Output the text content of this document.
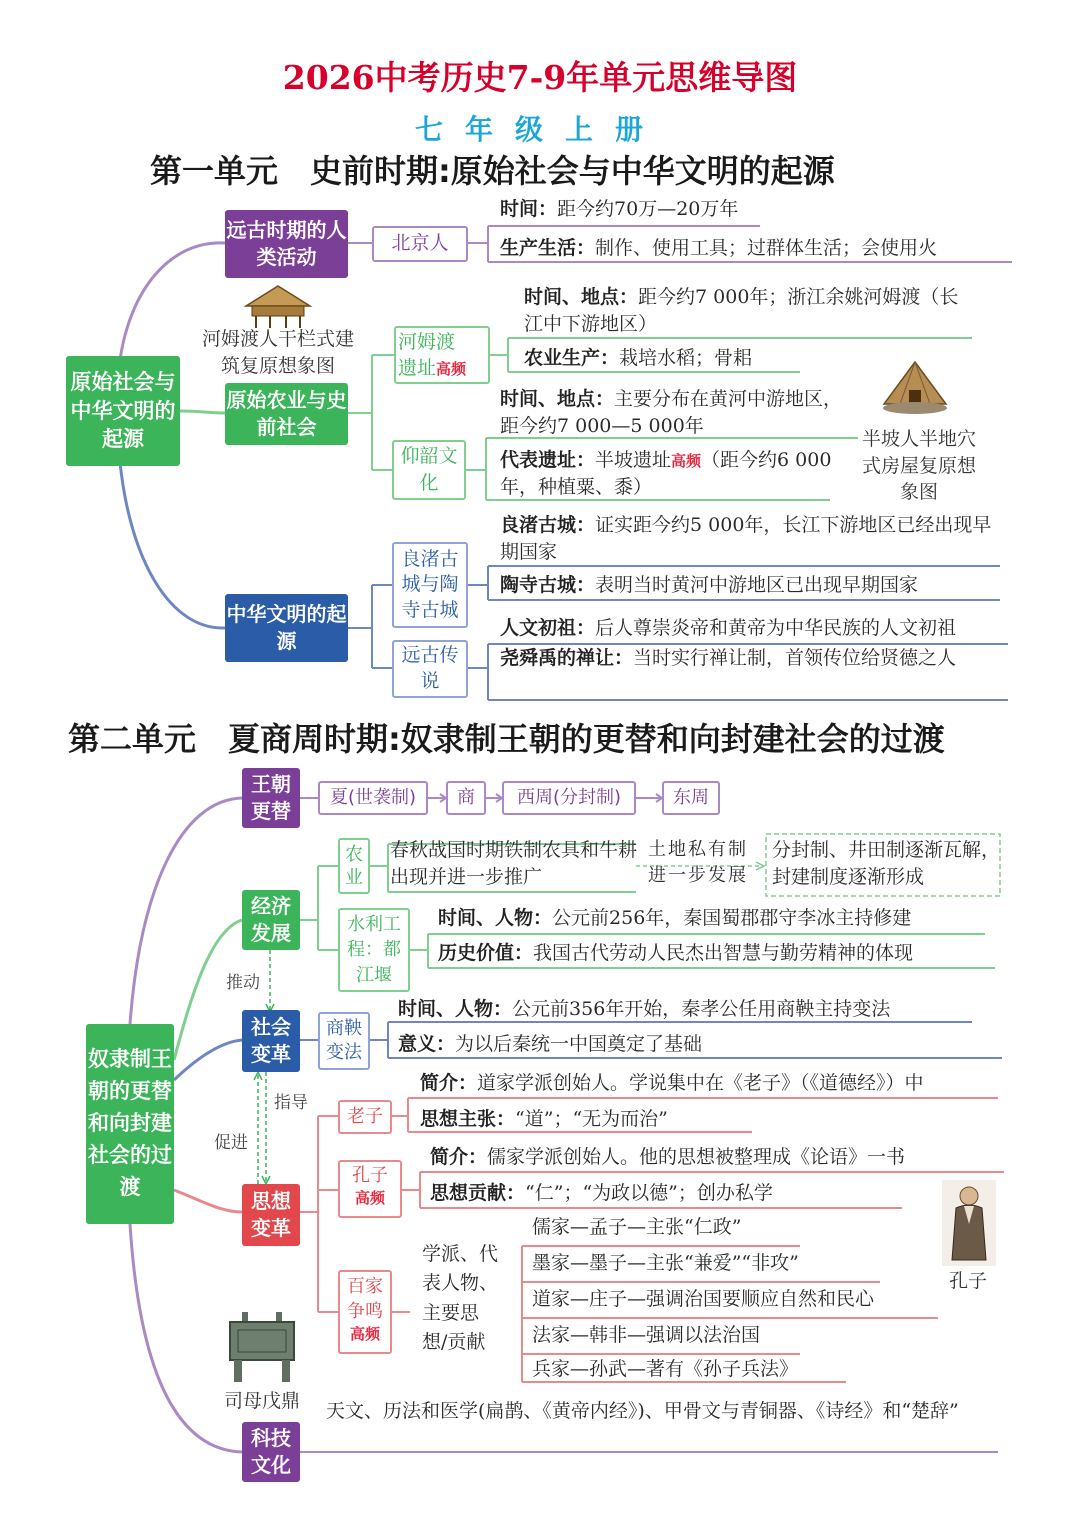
2026中考历史7-9年单元思维导图
七年级上册
第一单元　史前时期:原始社会与中华文明的起源
原始社会与中华文明的起源
远古时期的人类活动
北京人
时间：距今约70万—20万年
生产生活：制作、使用工具；过群体生活；会使用火
河姆渡人干栏式建筑复原想象图
原始农业与史前社会
河姆渡
遗址高频
时间、地点：距今约7 000年；浙江余姚河姆渡（长江中下游地区）
农业生产：栽培水稻；骨耜
仰韶文化
时间、地点：主要分布在黄河中游地区，距今约7 000—5 000年
代表遗址：半坡遗址高频（距今约6 000年，种植粟、黍）
半坡人半地穴式房屋复原想象图
中华文明的起源
良渚古城与陶寺古城
良渚古城：证实距今约5 000年，长江下游地区已经出现早期国家
陶寺古城：表明当时黄河中游地区已出现早期国家
远古传说
人文初祖：后人尊崇炎帝和黄帝为中华民族的人文初祖
尧舜禹的禅让：当时实行禅让制，首领传位给贤德之人
第二单元　夏商周时期:奴隶制王朝的更替和向封建社会的过渡
奴隶制王朝的更替和向封建社会的过渡
王朝更替
夏(世袭制)	商	西周(分封制)	东周
经济发展
农业
春秋战国时期铁制农具和牛耕出现并进一步推广
土地私有制进一步发展
分封制、井田制逐渐瓦解，封建制度逐渐形成
水利工程：都江堰
时间、人物：公元前256年，秦国蜀郡郡守李冰主持修建
历史价值：我国古代劳动人民杰出智慧与勤劳精神的体现
推动
社会变革
商鞅变法
时间、人物：公元前356年开始，秦孝公任用商鞅主持变法
意义：为以后秦统一中国奠定了基础
指导
促进
思想变革
老子
简介：道家学派创始人。学说集中在《老子》（《道德经》）中
思想主张：“道”；“无为而治”
孔子
高频
简介：儒家学派创始人。他的思想被整理成《论语》一书
思想贡献：“仁”；“为政以德”；创办私学
孔子
百家争鸣
高频
学派、代表人物、主要思想/贡献
儒家—孟子—主张“仁政”
墨家—墨子—主张“兼爱”“非攻”
道家—庄子—强调治国要顺应自然和民心
法家—韩非—强调以法治国
兵家—孙武—著有《孙子兵法》
司母戊鼎
科技文化
天文、历法和医学(扁鹊、《黄帝内经》)、甲骨文与青铜器、《诗经》和“楚辞”
